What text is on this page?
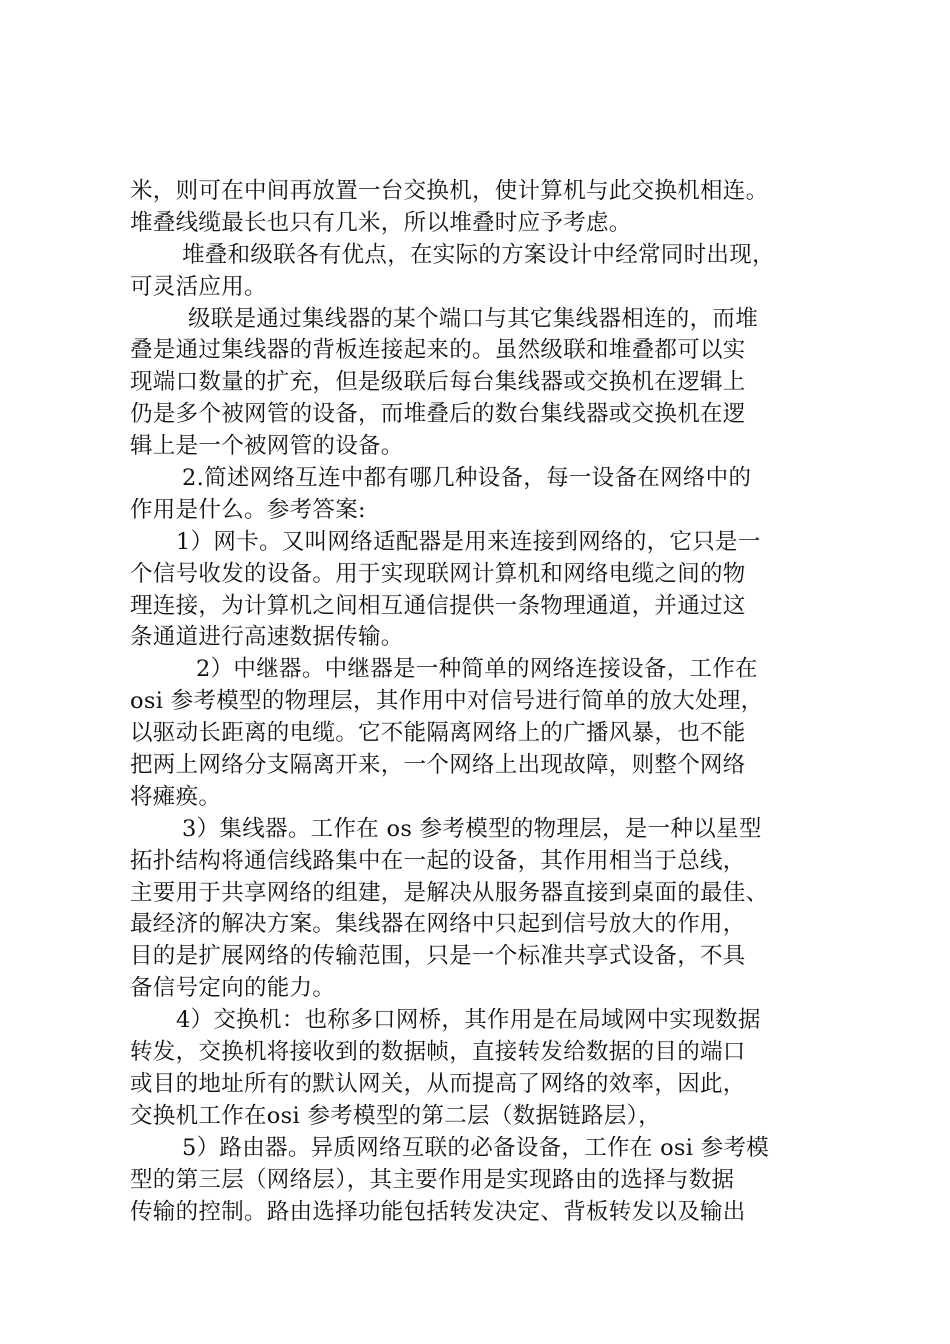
米，则可在中间再放置一台交换机，使计算机与此交换机相连。
堆叠线缆最长也只有几米，所以堆叠时应予考虑。
堆叠和级联各有优点，在实际的方案设计中经常同时出现，
可灵活应用。
级联是通过集线器的某个端口与其它集线器相连的，而堆
叠是通过集线器的背板连接起来的。虽然级联和堆叠都可以实
现端口数量的扩充，但是级联后每台集线器或交换机在逻辑上
仍是多个被网管的设备，而堆叠后的数台集线器或交换机在逻
辑上是一个被网管的设备。
2.简述网络互连中都有哪几种设备，每一设备在网络中的
作用是什么。参考答案:
1）网卡。又叫网络适配器是用来连接到网络的，它只是一
个信号收发的设备。用于实现联网计算机和网络电缆之间的物
理连接，为计算机之间相互通信提供一条物理通道，并通过这
条通道进行高速数据传输。
2）中继器。中继器是一种简单的网络连接设备，工作在
osi 参考模型的物理层，其作用中对信号进行简单的放大处理，
以驱动长距离的电缆。它不能隔离网络上的广播风暴，也不能
把两上网络分支隔离开来，一个网络上出现故障，则整个网络
将瘫痪。
3）集线器。工作在 os 参考模型的物理层，是一种以星型
拓扑结构将通信线路集中在一起的设备，其作用相当于总线，
主要用于共享网络的组建，是解决从服务器直接到桌面的最佳、
最经济的解决方案。集线器在网络中只起到信号放大的作用，
目的是扩展网络的传输范围，只是一个标准共享式设备，不具
备信号定向的能力。
4）交换机：也称多口网桥，其作用是在局域网中实现数据
转发，交换机将接收到的数据帧，直接转发给数据的目的端口
或目的地址所有的默认网关，从而提高了网络的效率，因此，
交换机工作在osi 参考模型的第二层（数据链路层），
5）路由器。异质网络互联的必备设备，工作在 osi 参考模
型的第三层（网络层），其主要作用是实现路由的选择与数据
传输的控制。路由选择功能包括转发决定、背板转发以及输出
